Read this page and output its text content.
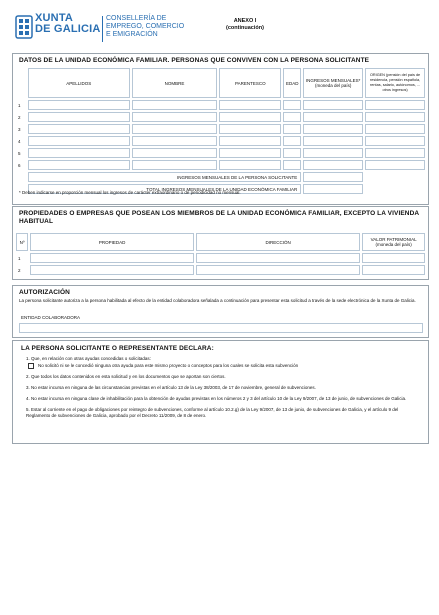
XUNTA
DE GALICIA
CONSELLERÍA DE
EMPREGO, COMERCIO
E EMIGRACIÓN
ANEXO I
(continuación)
DATOS DE LA UNIDAD ECONÓMICA FAMILIAR. PERSONAS QUE CONVIVEN CON LA PERSONA SOLICITANTE
	APELLIDOS	NOMBRE	PARENTESCO	EDAD	INGRESOS MENSUALES* (moneda del país)	ORIGEN (pensión del país de residencia, pensión española, rentas, salario, autónomos, ... otros ingresos)
1						
2						
3						
4						
5						
6						
	INGRESOS MENSUALES DE LA PERSONA SOLICITANTE					
	TOTAL INGRESOS MENSUALES DE LA UNIDAD ECONÓMICA FAMILIAR					
* Deben indicarse en proporción mensual los ingresos de carácter extraordinario o de periodicidad no mensual.
PROPIEDADES O EMPRESAS QUE POSEAN LOS MIEMBROS DE LA UNIDAD ECONÓMICA FAMILIAR, EXCEPTO LA VIVIENDA HABITUAL
Nº	PROPIEDAD	DIRECCIÓN	VALOR PATRIMONIAL (moneda del país)
1			
2			
AUTORIZACIÓN
La persona solicitante autoriza a la persona habilitada al efecto de la entidad colaboradora señalada a continuación para presentar esta solicitud a través de la sede electrónica de la Xunta de Galicia.
ENTIDAD COLABORADORA
LA PERSONA SOLICITANTE O REPRESENTANTE DECLARA:

1. Que, en relación con otras ayudas concedidas o solicitadas:

No solicitó ni se le concedió ninguna otra ayuda para este mismo proyecto o conceptos para los cuales se solicita esta subvención

2. Que todos los datos contenidos en esta solicitud y en los documentos que se aportan son ciertos.

3. No estar incursa en ninguna de las circunstancias previstas en el artículo 13 de la Ley 38/2003, de 17 de noviembre, general de subvenciones.

4. No estar incursa en ninguna clase de inhabilitación para la obtención de ayudas previstas en los números 2 y 3 del artículo 10 de la Ley 9/2007, de 13 de junio, de subvenciones de Galicia.

5. Estar al corriente en el pago de obligaciones por reintegro de subvenciones, conforme al artículo 10.2.g) de la Ley 9/2007, de 13 de junio, de subvenciones de Galicia, y el artículo 9 del Reglamento de subvenciones de Galicia, aprobado por el Decreto 11/2009, de 8 de enero.
